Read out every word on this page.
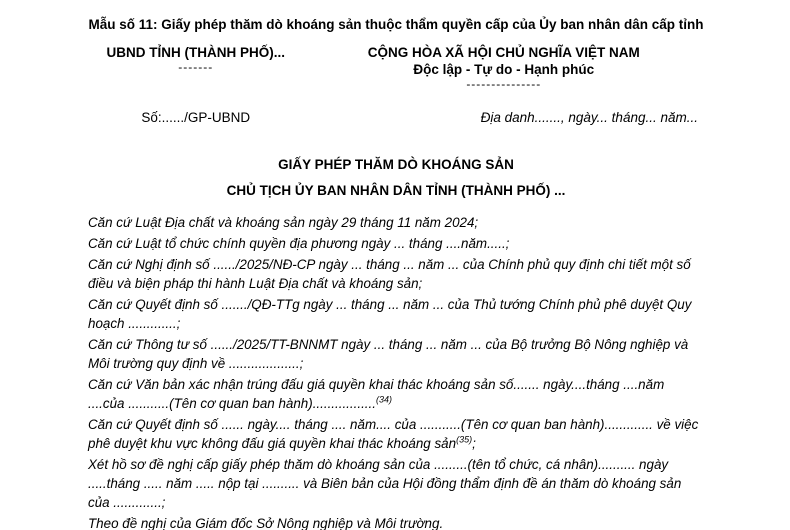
Mẫu số 11: Giấy phép thăm dò khoáng sản thuộc thẩm quyền cấp của Ủy ban nhân dân cấp tỉnh
UBND TỈNH (THÀNH PHỐ)...
-------
CỘNG HÒA XÃ HỘI CHỦ NGHĨA VIỆT NAM
Độc lập - Tự do - Hạnh phúc
---------------
Số:....../GP-UBND	Địa danh......., ngày... tháng... năm...
GIẤY PHÉP THĂM DÒ KHOÁNG SẢN
CHỦ TỊCH ỦY BAN NHÂN DÂN TỈNH (THÀNH PHỐ) ...

Căn cứ Luật Địa chất và khoáng sản ngày 29 tháng 11 năm 2024;

Căn cứ Luật tổ chức chính quyền địa phương ngày ... tháng ....năm.....;

Căn cứ Nghị định số ....../2025/NĐ-CP ngày ... tháng ... năm ... của Chính phủ quy định chi tiết một số điều và biện pháp thi hành Luật Địa chất và khoáng sản;

Căn cứ Quyết định số ......./QĐ-TTg ngày ... tháng ... năm ... của Thủ tướng Chính phủ phê duyệt Quy hoạch .............;

Căn cứ Thông tư số ....../2025/TT-BNNMT ngày ... tháng ... năm ... của Bộ trưởng Bộ Nông nghiệp và Môi trường quy định về ...................;

Căn cứ Văn bản xác nhận trúng đấu giá quyền khai thác khoáng sản số....... ngày....tháng ....năm ....của ...........(Tên cơ quan ban hành).................$^{(34)}$

Căn cứ Quyết định số ...... ngày.... tháng .... năm.... của ...........(Tên cơ quan ban hành)............. về việc phê duyệt khu vực không đấu giá quyền khai thác khoáng sản$^{(35)}$;

Xét hồ sơ đề nghị cấp giấy phép thăm dò khoáng sản của .........(tên tổ chức, cá nhân).......... ngày .....tháng ..... năm ..... nộp tại .......... và Biên bản của Hội đồng thẩm định đề án thăm dò khoáng sản của .............;

Theo đề nghị của Giám đốc Sở Nông nghiệp và Môi trường.
